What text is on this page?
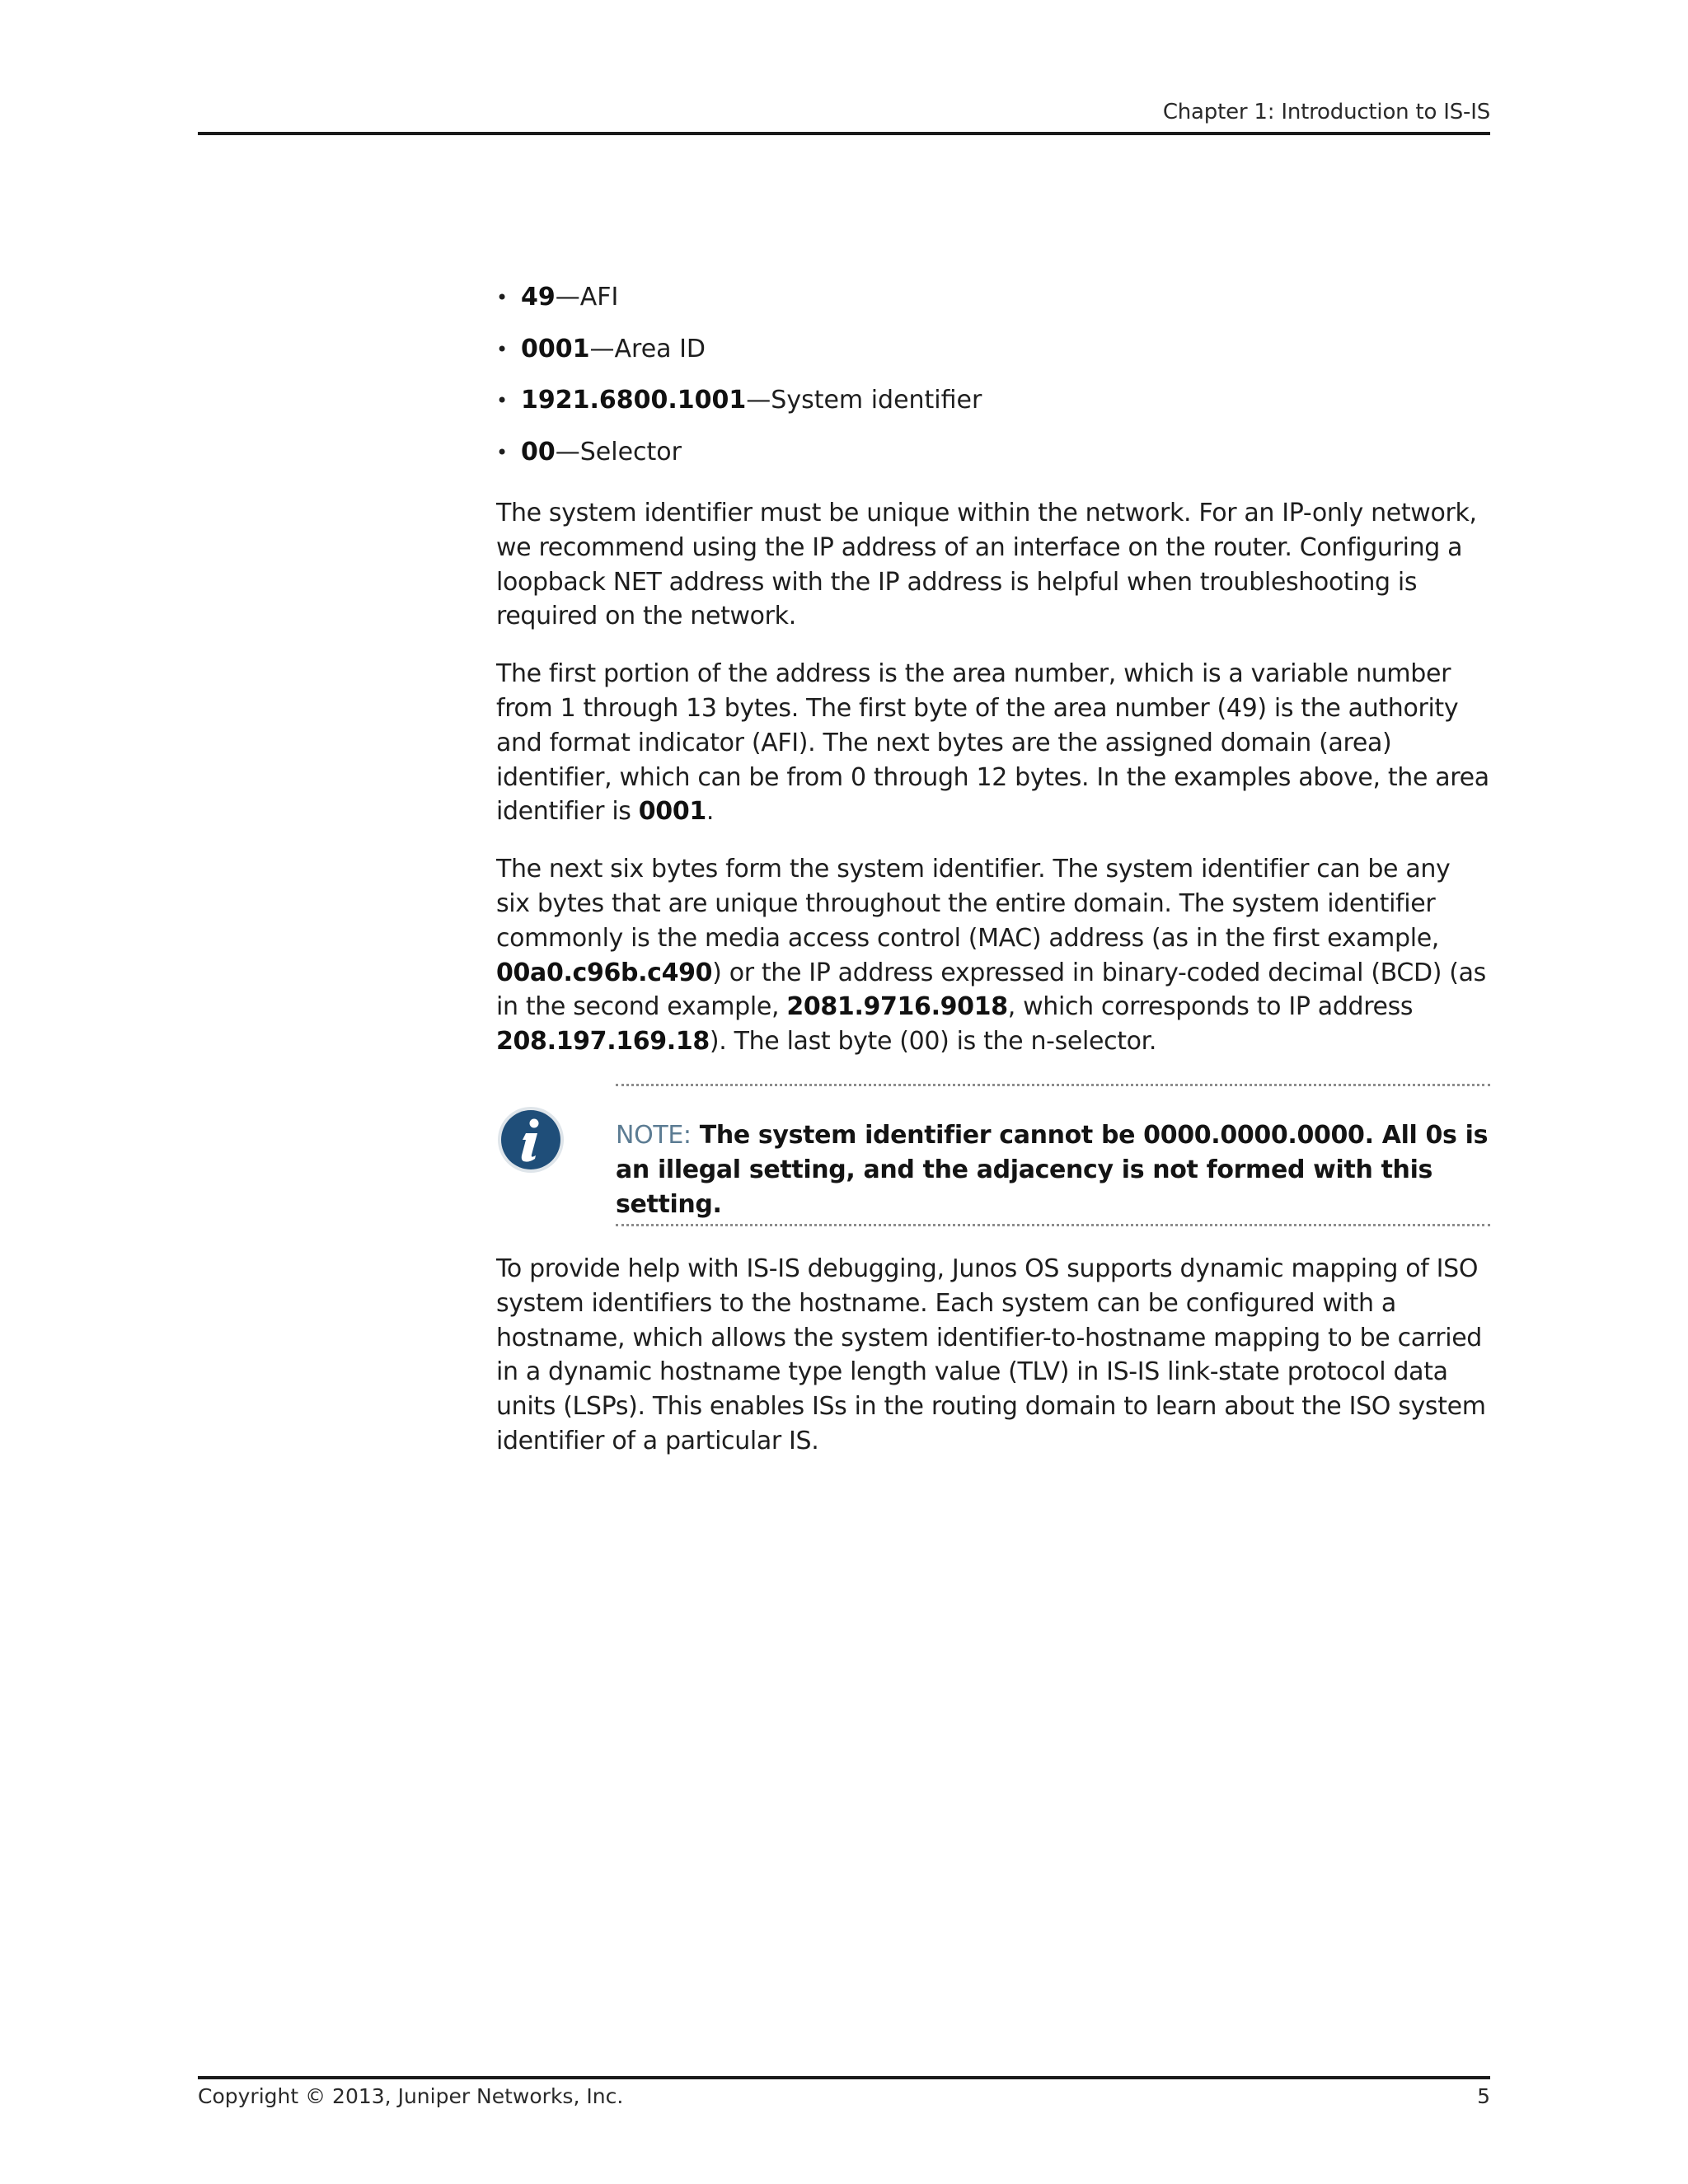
Chapter 1: Introduction to IS-IS
• 49—AFI
• 0001—Area ID
• 1921.6800.1001—System identifier
• 00—Selector

The system identifier must be unique within the network. For an IP-only network, we recommend using the IP address of an interface on the router. Configuring a loopback NET address with the IP address is helpful when troubleshooting is required on the network.

The first portion of the address is the area number, which is a variable number from 1 through 13 bytes. The first byte of the area number (49) is the authority and format indicator (AFI). The next bytes are the assigned domain (area) identifier, which can be from 0 through 12 bytes. In the examples above, the area identifier is 0001.

The next six bytes form the system identifier. The system identifier can be any six bytes that are unique throughout the entire domain. The system identifier commonly is the media access control (MAC) address (as in the first example, 00a0.c96b.c490) or the IP address expressed in binary-coded decimal (BCD) (as in the second example, 2081.9716.9018, which corresponds to IP address 208.197.169.18). The last byte (00) is the n-selector.

NOTE: The system identifier cannot be 0000.0000.0000. All 0s is an illegal setting, and the adjacency is not formed with this setting.

To provide help with IS-IS debugging, Junos OS supports dynamic mapping of ISO system identifiers to the hostname. Each system can be configured with a hostname, which allows the system identifier-to-hostname mapping to be carried in a dynamic hostname type length value (TLV) in IS-IS link-state protocol data units (LSPs). This enables ISs in the routing domain to learn about the ISO system identifier of a particular IS.

Copyright © 2013, Juniper Networks, Inc.	5
